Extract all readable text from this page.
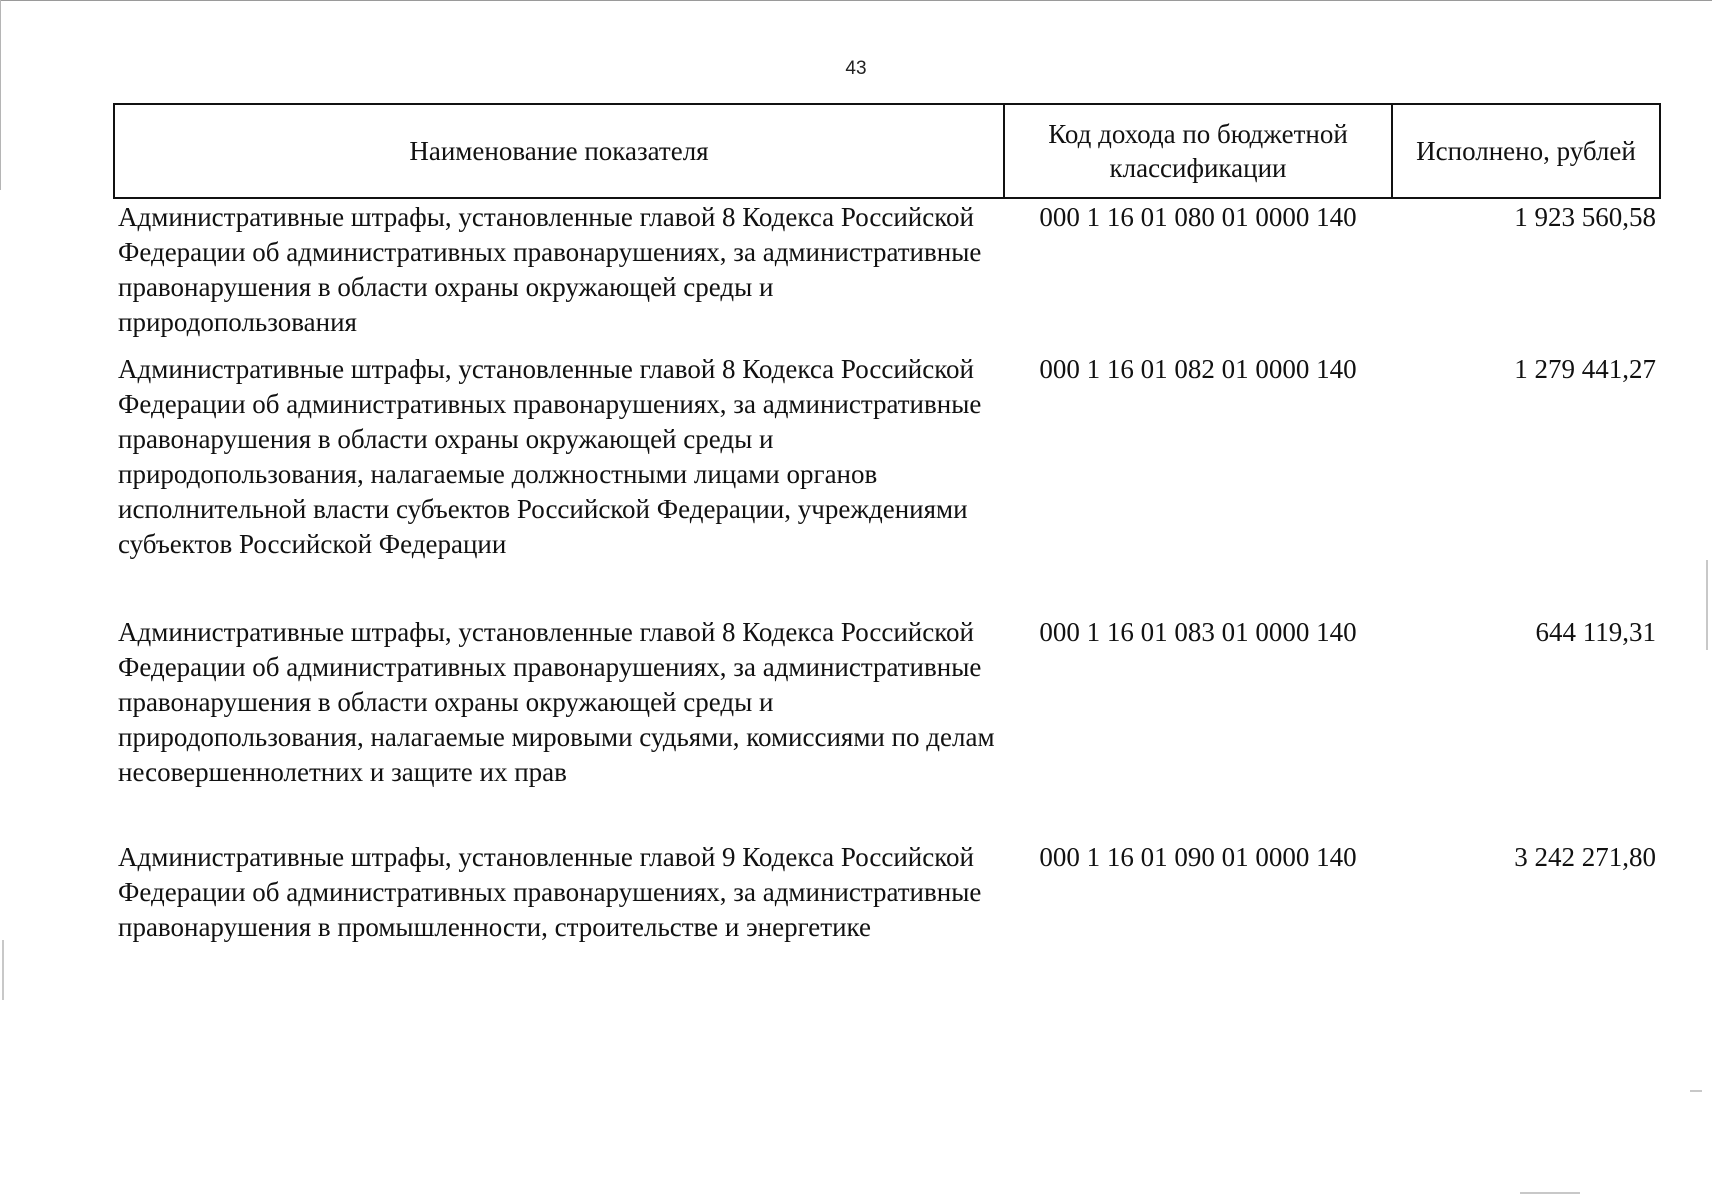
43
Наименование показателя	Код дохода по бюджетной классификации	Исполнено, рублей
Административные штрафы, установленные главой 8 Кодекса Российской Федерации об административных правонарушениях, за административные правонарушения в области охраны окружающей среды и природопользования	000 1 16 01 080 01 0000 140	1 923 560,58
Административные штрафы, установленные главой 8 Кодекса Российской Федерации об административных правонарушениях, за административные правонарушения в области охраны окружающей среды и природопользования, налагаемые должностными лицами органов исполнительной власти субъектов Российской Федерации, учреждениями субъектов Российской Федерации	000 1 16 01 082 01 0000 140	1 279 441,27
Административные штрафы, установленные главой 8 Кодекса Российской Федерации об административных правонарушениях, за административные правонарушения в области охраны окружающей среды и природопользования, налагаемые мировыми судьями, комиссиями по делам несовершеннолетних и защите их прав	000 1 16 01 083 01 0000 140	644 119,31
Административные штрафы, установленные главой 9 Кодекса Российской Федерации об административных правонарушениях, за административные правонарушения в промышленности, строительстве и энергетике	000 1 16 01 090 01 0000 140	3 242 271,80
